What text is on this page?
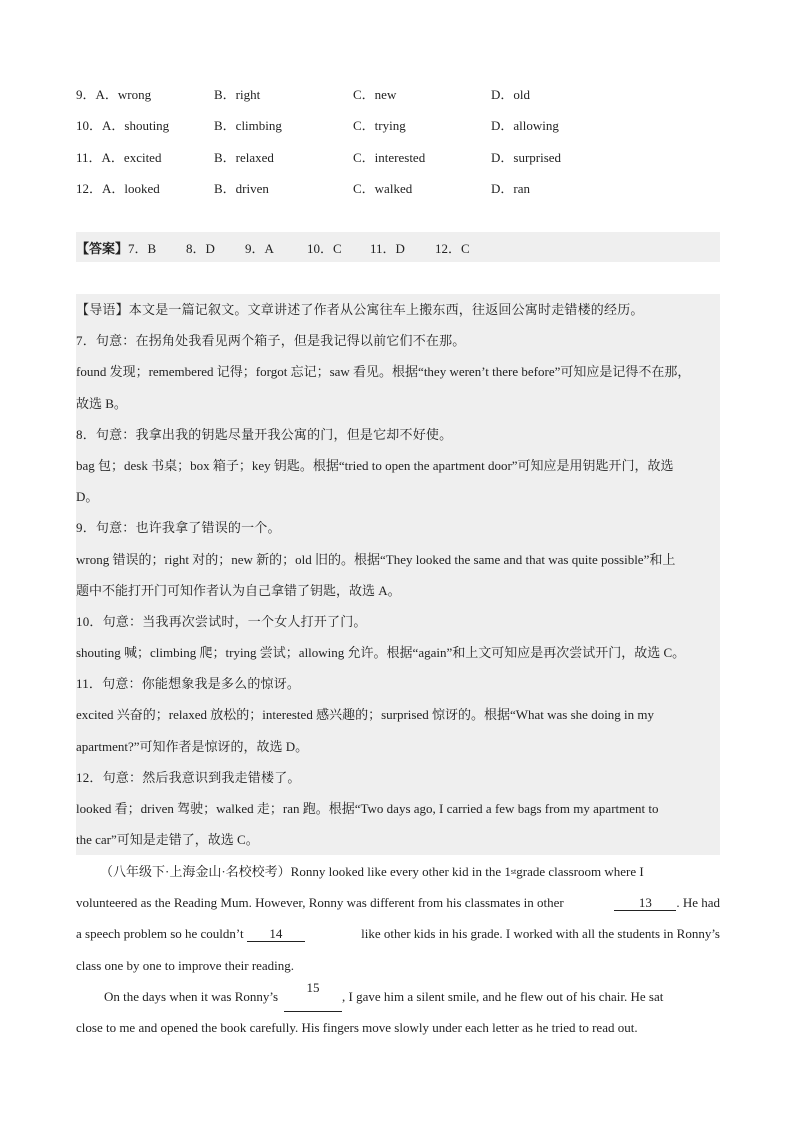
9．A．wrong	B．right	C．new	D．old
10．A．shouting	B．climbing	C．trying	D．allowing
11．A．excited	B．relaxed	C．interested	D．surprised
12．A．looked	B．driven	C．walked	D．ran
【答案】 7．B	8．D	9．A	10．C	11．D	12．C
【导语】本文是一篇记叙文。文章讲述了作者从公寓往车上搬东西，往返回公寓时走错楼的经历。
7．句意：在拐角处我看见两个箱子，但是我记得以前它们不在那。
found 发现；remembered 记得；forgot 忘记；saw 看见。根据“they weren’t there before”可知应是记得不在那，
故选 B。
8．句意：我拿出我的钥匙尽量开我公寓的门，但是它却不好使。
bag 包；desk 书桌；box 箱子；key 钥匙。根据“tried to open the apartment door”可知应是用钥匙开门，故选
D。
9．句意：也许我拿了错误的一个。
wrong 错误的；right 对的；new 新的；old 旧的。根据“They looked the same and that was quite possible”和上
题中不能打开门可知作者认为自己拿错了钥匙，故选 A。
10．句意：当我再次尝试时，一个女人打开了门。
shouting 喊；climbing 爬；trying 尝试；allowing 允许。根据“again”和上文可知应是再次尝试开门，故选 C。
11．句意：你能想象我是多么的惊讶。
excited 兴奋的；relaxed 放松的；interested 感兴趣的；surprised 惊讶的。根据“What was she doing in my
apartment?”可知作者是惊讶的，故选 D。
12．句意：然后我意识到我走错楼了。
looked 看；driven 驾驶；walked 走；ran 跑。根据“Two days ago, I carried a few bags from my apartment to
the car”可知是走错了，故选 C。
（八年级下·上海金山·名校校考） Ronny looked like every other kid in the 1 st grade classroom where I
volunteered as the Reading Mum. However, Ronny was different from his classmates in other	13 . He had
a speech problem so he couldn’t 14	like other kids in his grade. I worked with all the students in Ronny’s
class one by one to improve their reading.
On the days when it was Ronny’s
15
, I gave him a silent smile, and he flew out of his chair. He sat
close to me and opened the book carefully. His fingers move slowly under each letter as he tried to read out.
